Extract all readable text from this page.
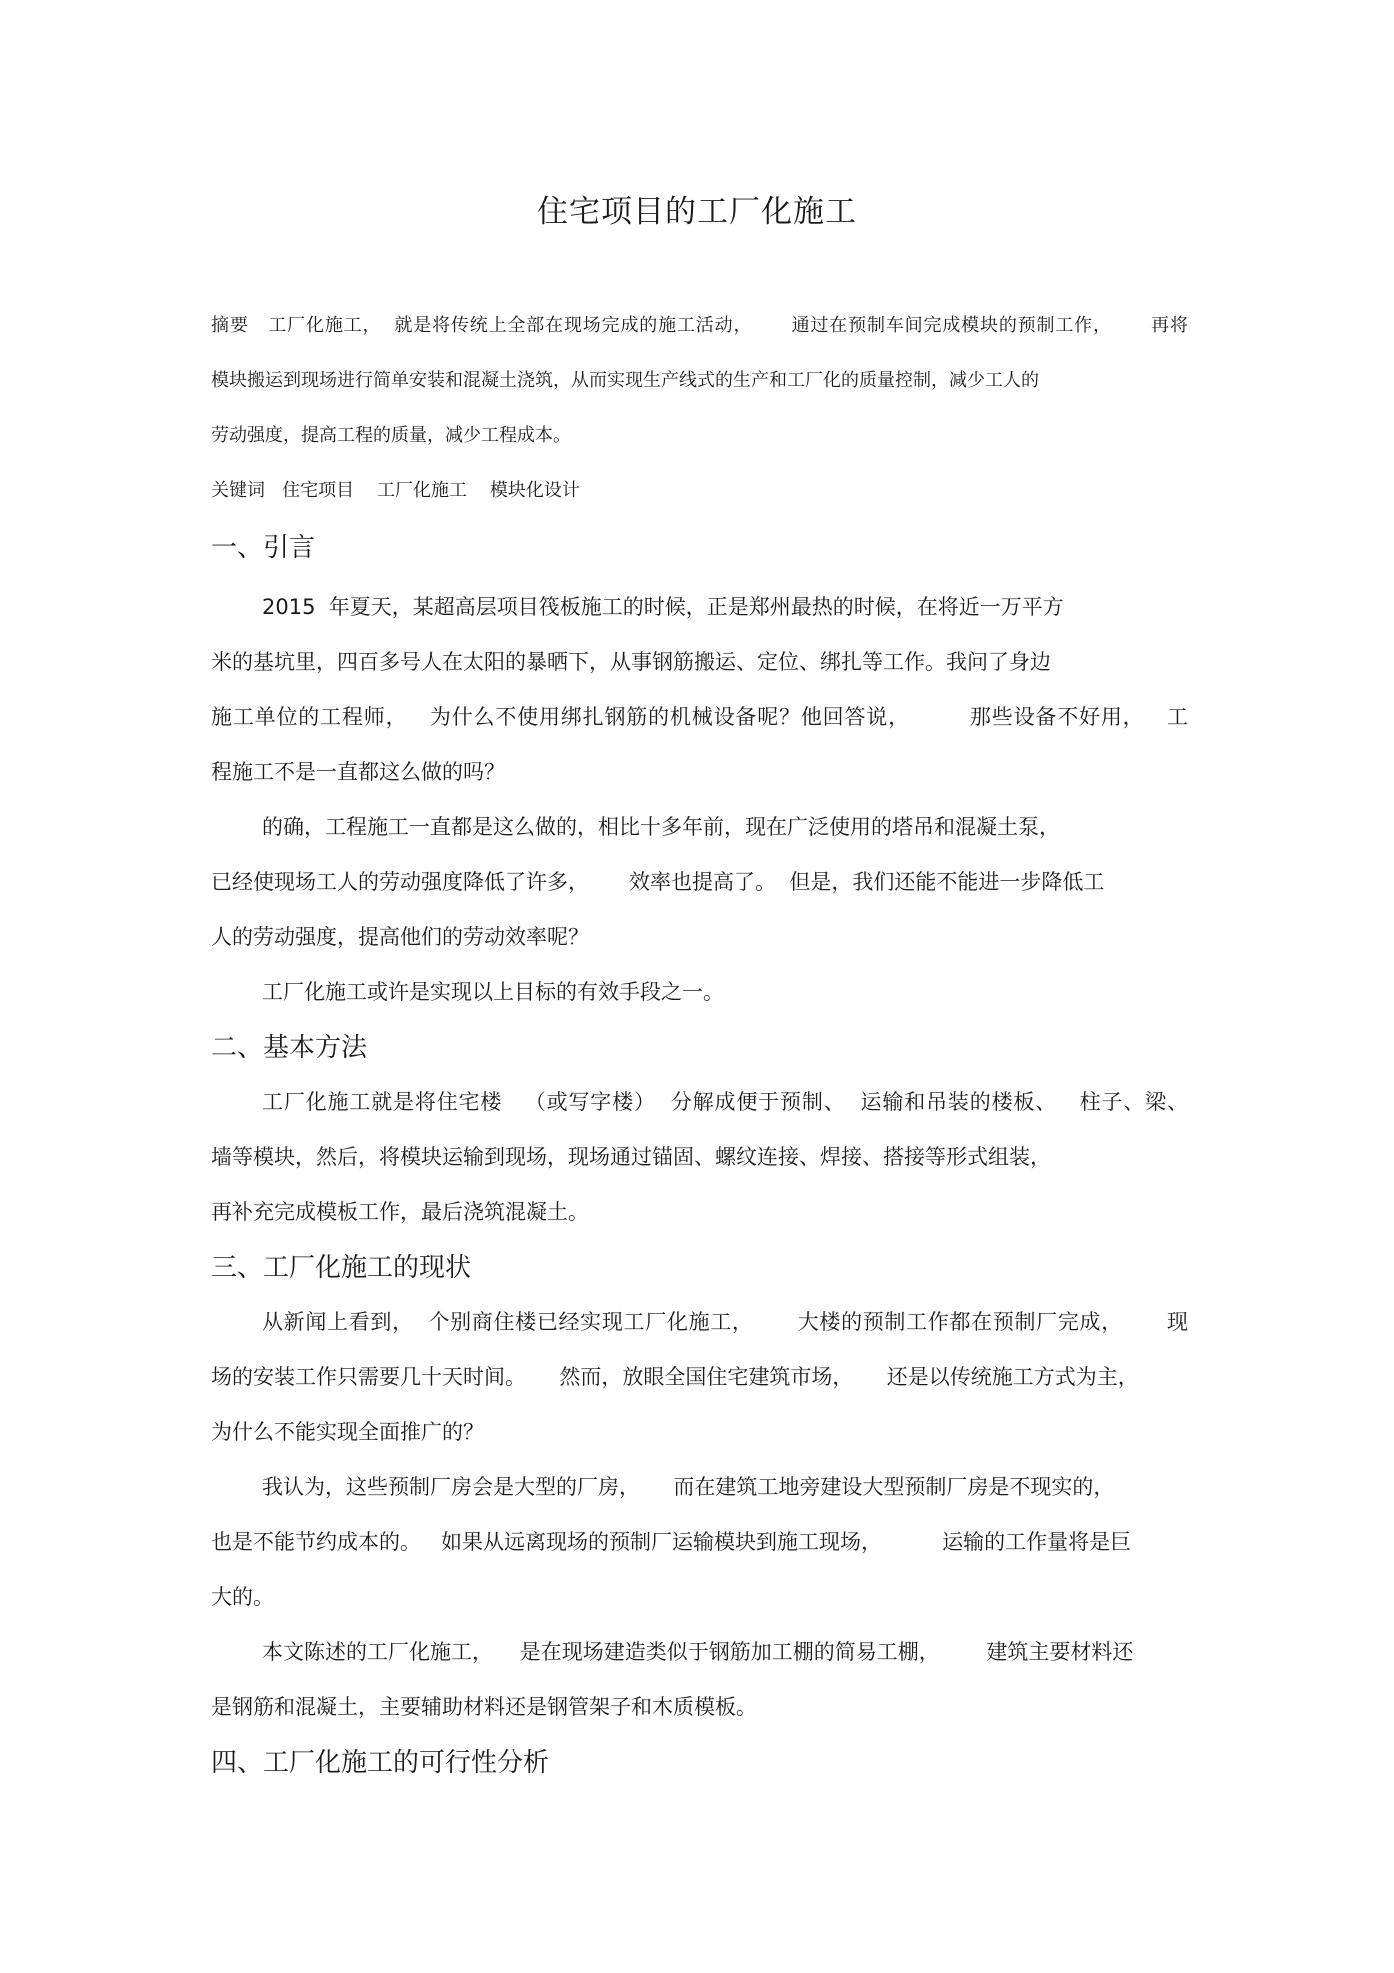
住宅项目的工厂化施工
摘要   工厂化施工，  就是将传统上全部在现场完成的施工活动，      通过在预制车间完成模块的预制工作，      再将
模块搬运到现场进行简单安装和混凝土浇筑，从而实现生产线式的生产和工厂化的质量控制，减少工人的
劳动强度，提高工程的质量，减少工程成本。
关键词   住宅项目    工厂化施工    模块化设计
一、引言
2015  年夏天，某超高层项目筏板施工的时候，正是郑州最热的时候，在将近一万平方
米的基坑里，四百多号人在太阳的暴晒下，从事钢筋搬运、定位、绑扎等工作。我问了身边
施工单位的工程师，   为什么不使用绑扎钢筋的机械设备呢？他回答说，        那些设备不好用，   工
程施工不是一直都这么做的吗？
的确，工程施工一直都是这么做的，相比十多年前，现在广泛使用的塔吊和混凝土泵，
已经使现场工人的劳动强度降低了许多，      效率也提高了。  但是，我们还能不能进一步降低工
人的劳动强度，提高他们的劳动效率呢？
工厂化施工或许是实现以上目标的有效手段之一。
二、基本方法
工厂化施工就是将住宅楼   （或写字楼）  分解成便于预制、  运输和吊装的楼板、   柱子、梁、
墙等模块，然后，将模块运输到现场，现场通过锚固、螺纹连接、焊接、搭接等形式组装，
再补充完成模板工作，最后浇筑混凝土。
三、工厂化施工的现状
从新闻上看到，  个别商住楼已经实现工厂化施工，      大楼的预制工作都在预制厂完成，      现
场的安装工作只需要几十天时间。     然而，放眼全国住宅建筑市场，     还是以传统施工方式为主，
为什么不能实现全面推广的？
我认为，这些预制厂房会是大型的厂房，     而在建筑工地旁建设大型预制厂房是不现实的，
也是不能节约成本的。   如果从远离现场的预制厂运输模块到施工现场，         运输的工作量将是巨
大的。
本文陈述的工厂化施工，    是在现场建造类似于钢筋加工棚的简易工棚，       建筑主要材料还
是钢筋和混凝土，主要辅助材料还是钢管架子和木质模板。
四、工厂化施工的可行性分析
